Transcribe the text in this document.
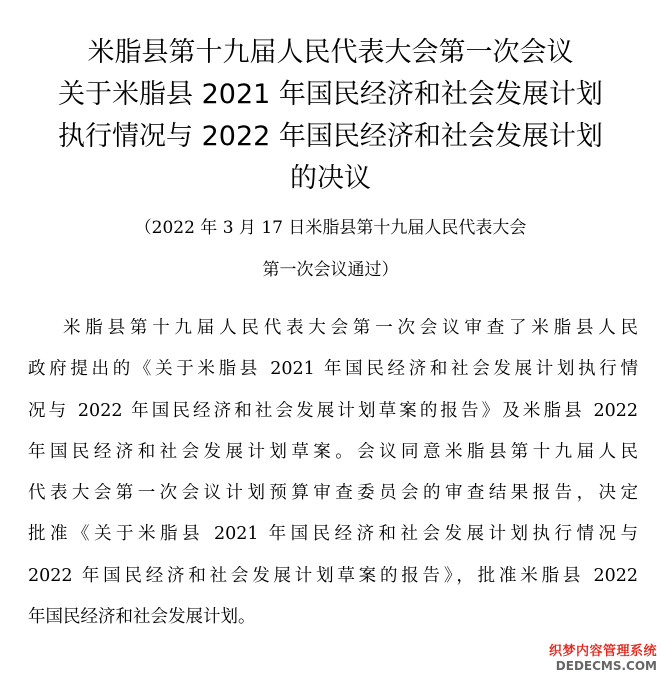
米脂县第十九届人民代表大会第一次会议
关于米脂县 2021 年国民经济和社会发展计划
执行情况与 2022 年国民经济和社会发展计划
的决议
（2022 年 3 月 17 日米脂县第十九届人民代表大会
第一次会议通过）
米脂县第十九届人民代表大会第一次会议审查了米脂县人民
政府提出的《关于米脂县 2021 年国民经济和社会发展计划执行情
况与 2022 年国民经济和社会发展计划草案的报告》及米脂县 2022
年国民经济和社会发展计划草案。会议同意米脂县第十九届人民
代表大会第一次会议计划预算审查委员会的审查结果报告，决定
批准《关于米脂县 2021 年国民经济和社会发展计划执行情况与
2022 年国民经济和社会发展计划草案的报告》，批准米脂县 2022
年国民经济和社会发展计划。
织梦内容管理系统
DEDECMS.COM
